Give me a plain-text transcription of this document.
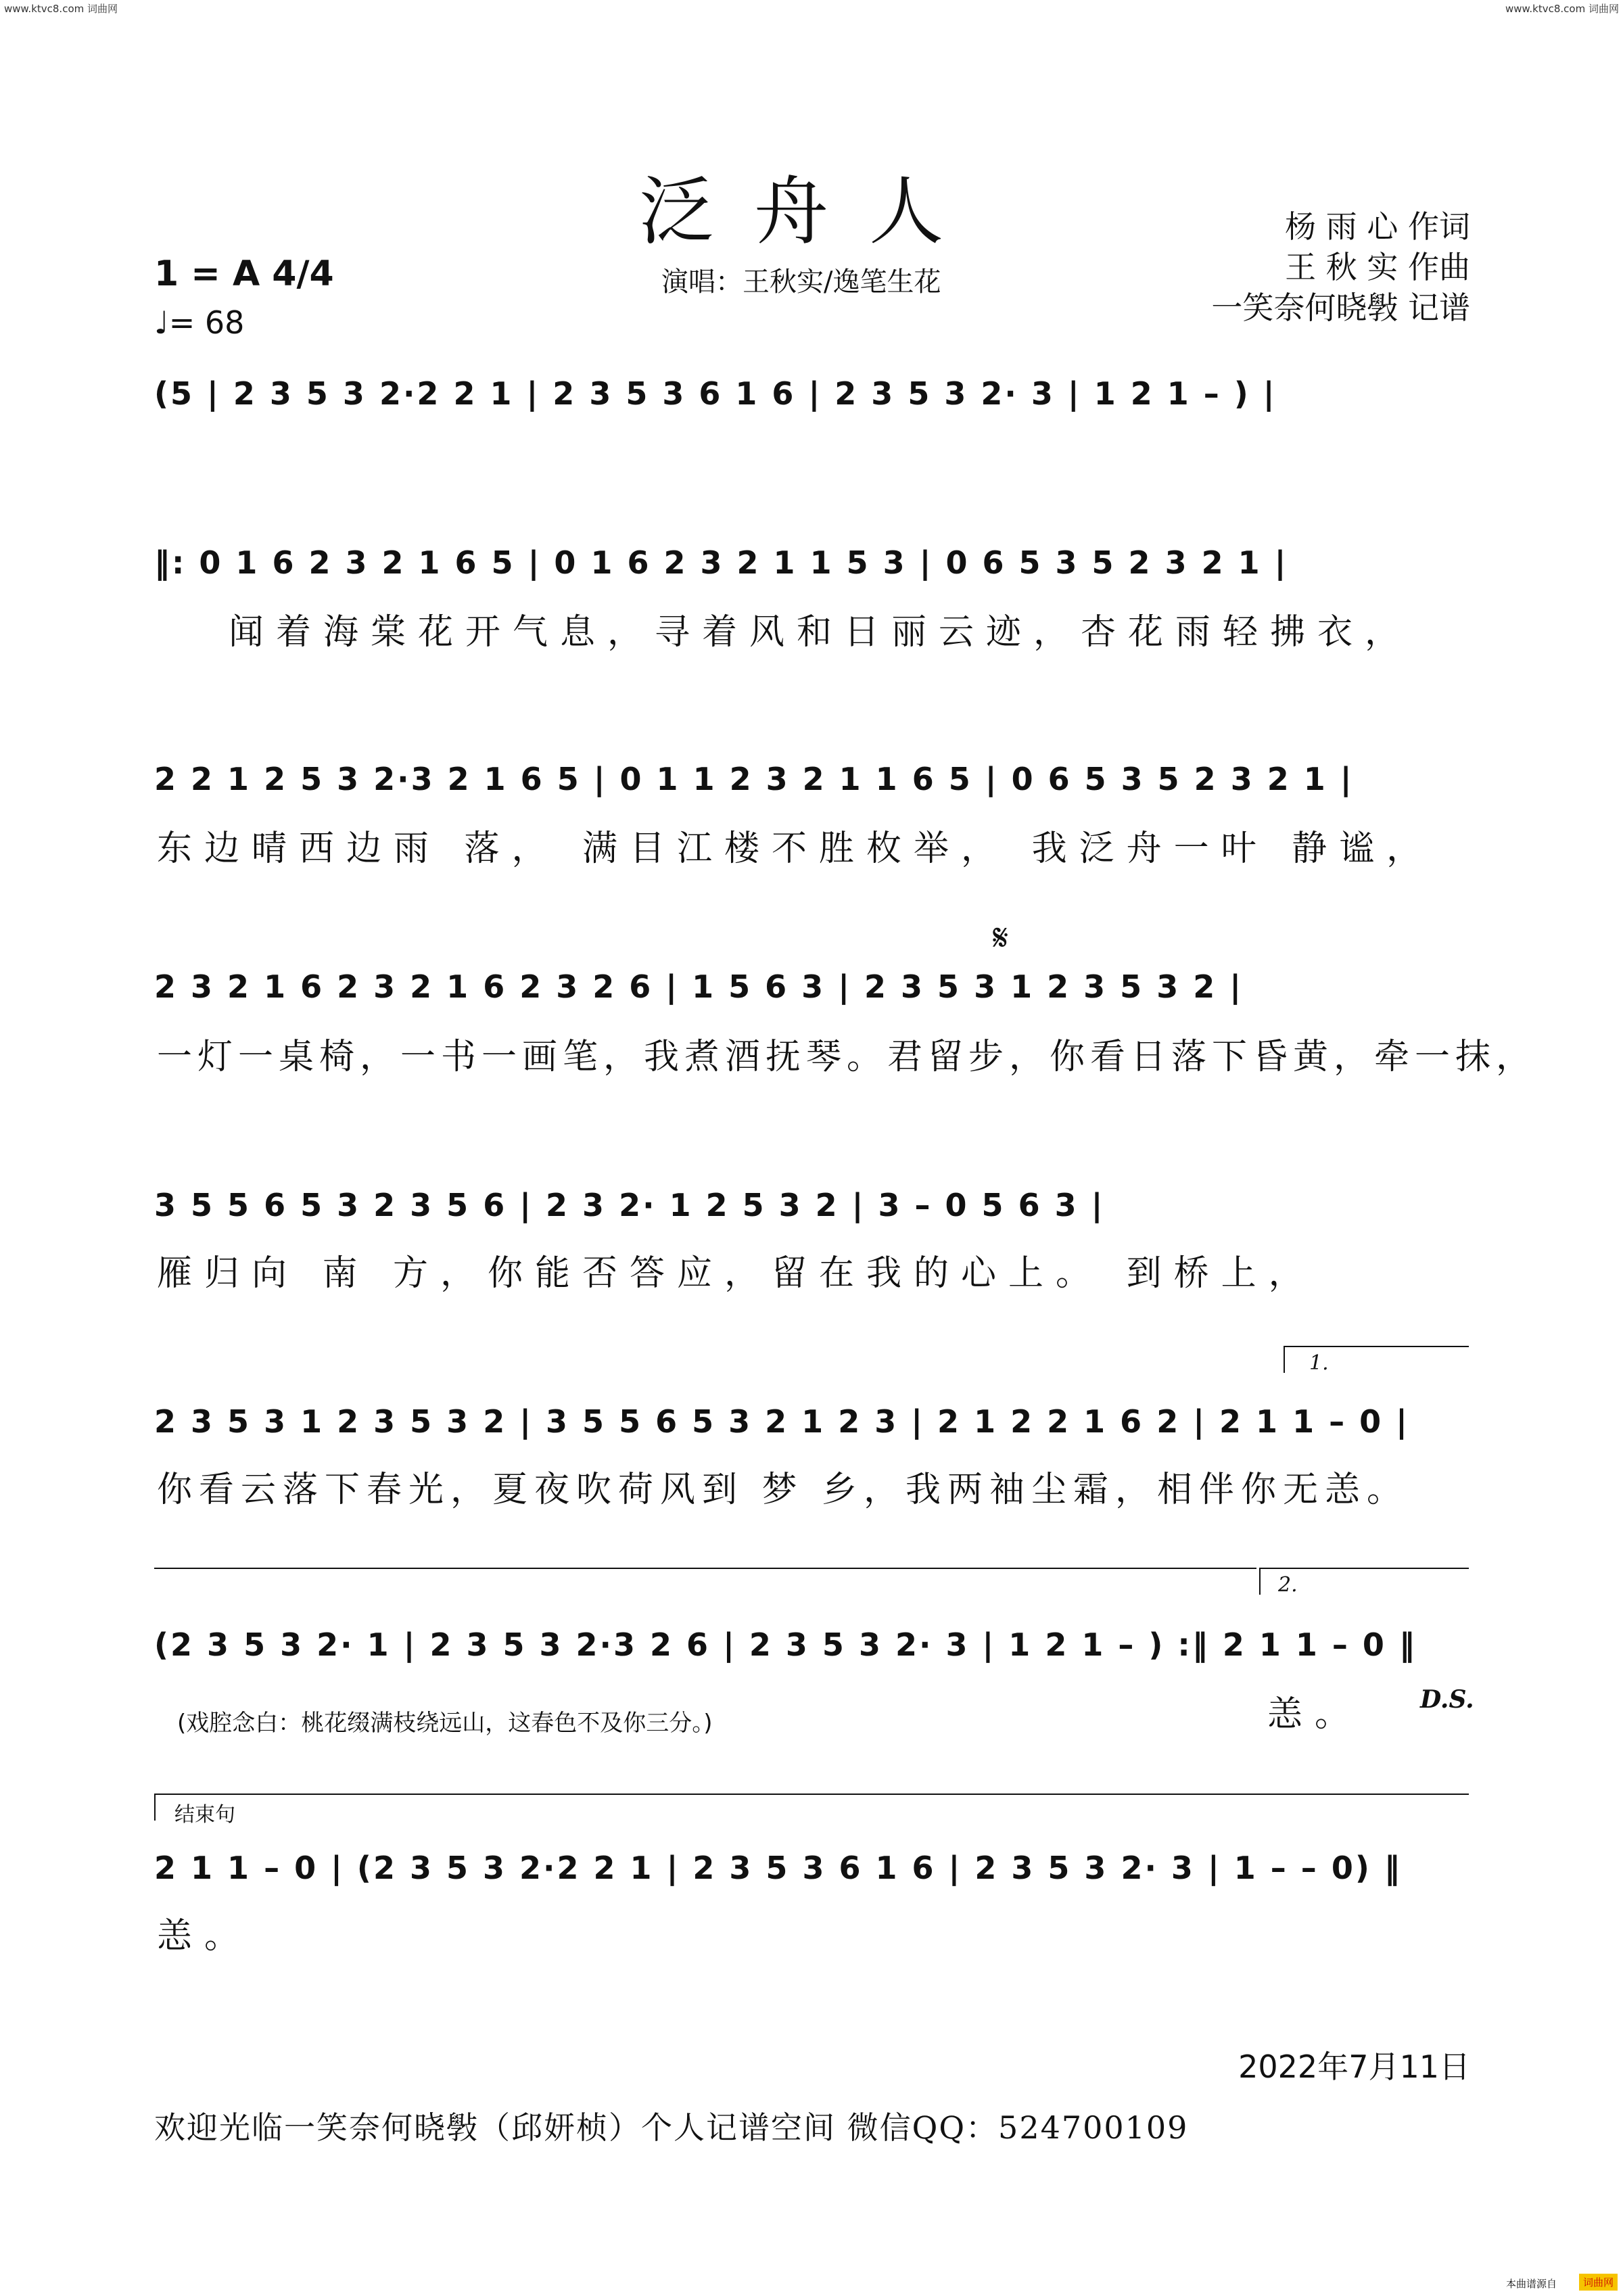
www.ktvc8.com 词曲网	www.ktvc8.com 词曲网
泛舟人	杨 雨 心 作词
王 秋 实 作曲
一笑奈何晓斅 记谱
1 = A 4/4
♩= 68
演唱：王秋实/逸笔生花
(5 | 2 3 5 3 2·2 2 1 | 2 3 5 3 6 1 6 | 2 3 5 3 2· 3 | 1 2 1 – ) |
‖: 0 1 6 2 3 2 1 6 5 | 0 1 6 2 3 2 1 1 5 3 | 0 6 5 3 5 2 3 2 1 |
闻着海棠花开气息，寻着风和日丽云迹，杏花雨轻拂衣，
2 2 1 2 5 3 2·3 2 1 6 5 | 0 1 1 2 3 2 1 1 6 5 | 0 6 5 3 5 2 3 2 1 |
东边晴西边雨 落， 满目江楼不胜枚举， 我泛舟一叶 静谧，
𝄋
2 3 2 1 6 2 3 2 1 6 2 3 2 6 | 1 5 6 3 | 2 3 5 3 1 2 3 5 3 2 |
一灯一桌椅，一书一画笔，我煮酒抚琴。君留步，你看日落下昏黄，牵一抹，
3 5 5 6 5 3 2 3 5 6 | 2 3 2· 1 2 5 3 2 | 3 – 0 5 6 3 |
雁归向 南 方，你能否答应，留在我的心上。 到桥上，
1.
2 3 5 3 1 2 3 5 3 2 | 3 5 5 6 5 3 2 1 2 3 | 2 1 2 2 1 6 2 | 2 1 1 – 0 |
你看云落下春光，夏夜吹荷风到 梦 乡，我两袖尘霜，相伴你无恙。
2.
(2 3 5 3 2· 1 | 2 3 5 3 2·3 2 6 | 2 3 5 3 2· 3 | 1 2 1 – ) :‖ 2 1 1 – 0 ‖
(戏腔念白：桃花缀满枝绕远山，这春色不及你三分。)	恙。 D.S.
结束句
2 1 1 – 0 | (2 3 5 3 2·2 2 1 | 2 3 5 3 6 1 6 | 2 3 5 3 2· 3 | 1 – – 0) ‖
恙。
2022年7月11日
欢迎光临一笑奈何晓斅（邱妍桢）个人记谱空间 微信QQ：524700109
本曲谱源自	词曲网
